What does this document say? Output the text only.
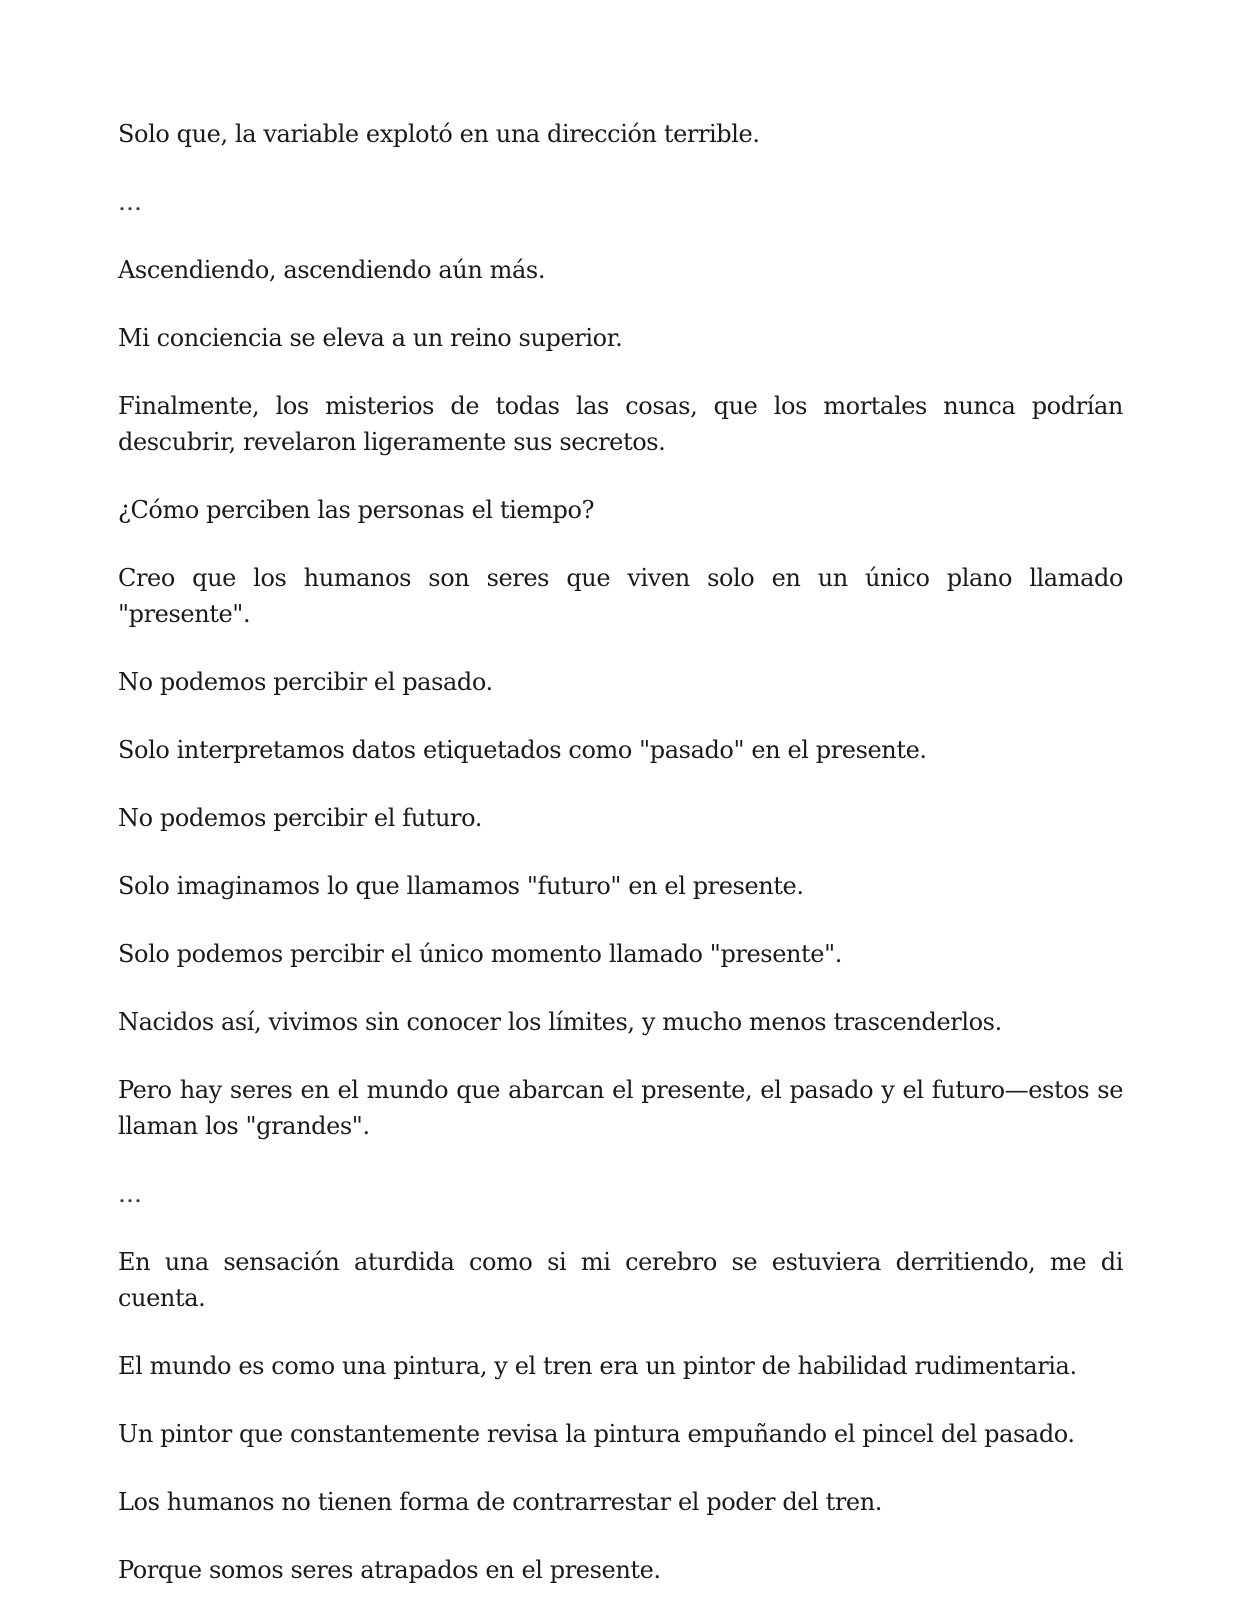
Solo que, la variable explotó en una dirección terrible.

…

Ascendiendo, ascendiendo aún más.

Mi conciencia se eleva a un reino superior.

Finalmente, los misterios de todas las cosas, que los mortales nunca podrían descubrir, revelaron ligeramente sus secretos.

¿Cómo perciben las personas el tiempo?

Creo que los humanos son seres que viven solo en un único plano llamado "presente".

No podemos percibir el pasado.

Solo interpretamos datos etiquetados como "pasado" en el presente.

No podemos percibir el futuro.

Solo imaginamos lo que llamamos "futuro" en el presente.

Solo podemos percibir el único momento llamado "presente".

Nacidos así, vivimos sin conocer los límites, y mucho menos trascenderlos.

Pero hay seres en el mundo que abarcan el presente, el pasado y el futuro—estos se llaman los "grandes".

…

En una sensación aturdida como si mi cerebro se estuviera derritiendo, me di cuenta.

El mundo es como una pintura, y el tren era un pintor de habilidad rudimentaria.

Un pintor que constantemente revisa la pintura empuñando el pincel del pasado.

Los humanos no tienen forma de contrarrestar el poder del tren.

Porque somos seres atrapados en el presente.
